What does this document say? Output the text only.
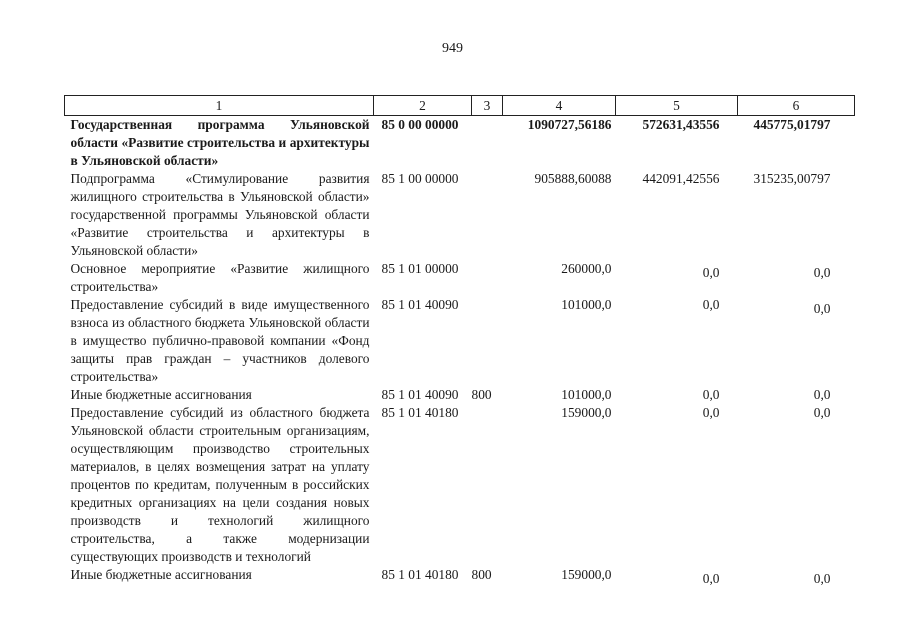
949
1	2	3	4	5	6
Государственная программа Ульяновской области «Развитие строительства и архитектуры в Ульяновской области»	85 0 00 00000		1090727,56186	572631,43556	445775,01797
Подпрограмма «Стимулирование развития жилищного строительства в Ульяновской области» государственной программы Ульяновской области «Развитие строительства и архитектуры в Ульяновской области»	85 1 00 00000		905888,60088	442091,42556	315235,00797
Основное мероприятие «Развитие жилищного строительства»	85 1 01 00000		260000,0	0,0	0,0
Предоставление субсидий в виде имущественного взноса из областного бюджета Ульяновской области в имущество публично-правовой компании «Фонд защиты прав граждан – участников долевого строительства»	85 1 01 40090		101000,0	0,0	0,0
Иные бюджетные ассигнования	85 1 01 40090	800	101000,0	0,0	0,0
Предоставление субсидий из областного бюджета Ульяновской области строительным организациям, осуществляющим производство строительных материалов, в целях возмещения затрат на уплату процентов по кредитам, полученным в российских кредитных организациях на цели создания новых производств и технологий жилищного строительства, а также модернизации существующих производств и технологий	85 1 01 40180		159000,0	0,0	0,0
Иные бюджетные ассигнования	85 1 01 40180	800	159000,0	0,0	0,0
